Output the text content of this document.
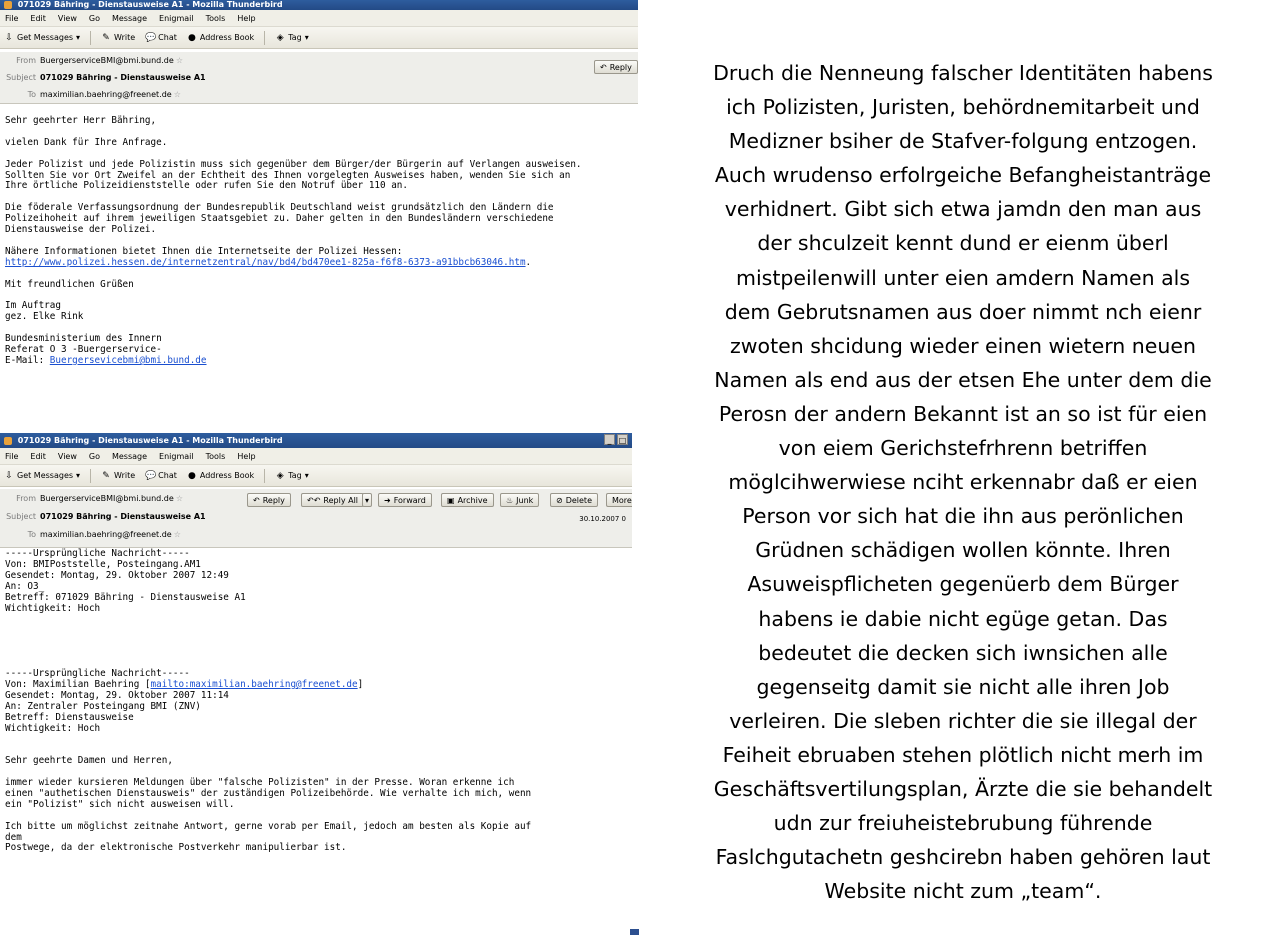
071029 Bähring - Dienstausweise A1 - Mozilla Thunderbird
File Edit View Go Message Enigmail Tools Help
⇩ Get Messages ▾ ✎ Write 💬 Chat ● Address Book	◈ Tag ▾
From BuergerserviceBMI@bmi.bund.de ☆
Subject 071029 Bähring - Dienstausweise A1
To maximilian.baehring@freenet.de ☆
↶ Reply
Sehr geehrter Herr Bähring,

vielen Dank für Ihre Anfrage.

Jeder Polizist und jede Polizistin muss sich gegenüber dem Bürger/der Bürgerin auf Verlangen ausweisen.
Sollten Sie vor Ort Zweifel an der Echtheit des Ihnen vorgelegten Ausweises haben, wenden Sie sich an
Ihre örtliche Polizeidienststelle oder rufen Sie den Notruf über 110 an.

Die föderale Verfassungsordnung der Bundesrepublik Deutschland weist grundsätzlich den Ländern die
Polizeihoheit auf ihrem jeweiligen Staatsgebiet zu. Daher gelten in den Bundesländern verschiedene
Dienstausweise der Polizei.

Nähere Informationen bietet Ihnen die Internetseite der Polizei Hessen:
http://www.polizei.hessen.de/internetzentral/nav/bd4/bd470ee1-825a-f6f8-6373-a91bbcb63046.htm.

Mit freundlichen Grüßen

Im Auftrag
gez. Elke Rink

Bundesministerium des Innern
Referat O 3 -Buergerservice-
E-Mail: Buergersevicebmi@bmi.bund.de
071029 Bähring - Dienstausweise A1 - Mozilla Thunderbird	_ □
File Edit View Go Message Enigmail Tools Help
⇩ Get Messages ▾ ✎ Write 💬 Chat ● Address Book	◈ Tag ▾
From BuergerserviceBMI@bmi.bund.de ☆
Subject 071029 Bähring - Dienstausweise A1
To maximilian.baehring@freenet.de ☆
↶ Reply	↶↶ Reply All ▾ ➜ Forward	▣ Archive ♨ Junk	⊘ Delete	More
30.10.2007 0
-----Ursprüngliche Nachricht-----
Von: BMIPoststelle, Posteingang.AM1
Gesendet: Montag, 29. Oktober 2007 12:49
An: O3_
Betreff: 071029 Bähring - Dienstausweise A1
Wichtigkeit: Hoch

-----Ursprüngliche Nachricht-----
Von: Maximilian Baehring [mailto:maximilian.baehring@freenet.de]
Gesendet: Montag, 29. Oktober 2007 11:14
An: Zentraler Posteingang BMI (ZNV)
Betreff: Dienstausweise
Wichtigkeit: Hoch

Sehr geehrte Damen und Herren,

immer wieder kursieren Meldungen über "falsche Polizisten" in der Presse. Woran erkenne ich
einen "authetischen Dienstausweis" der zuständigen Polizeibehörde. Wie verhalte ich mich, wenn
ein "Polizist" sich nicht ausweisen will.

Ich bitte um möglichst zeitnahe Antwort, gerne vorab per Email, jedoch am besten als Kopie auf
dem
Postwege, da der elektronische Postverkehr manipulierbar ist.
Druch die Nenneung falscher Identitäten habens
ich Polizisten, Juristen, behördnemitarbeit und
Medizner bsiher de Stafver-folgung entzogen.
Auch wrudenso erfolrgeiche Befangheistanträge
verhidnert. Gibt sich etwa jamdn den man aus
der shculzeit kennt dund er eienm überl
mistpeilenwill unter eien amdern Namen als
dem Gebrutsnamen aus doer nimmt nch eienr
zwoten shcidung wieder einen wietern neuen
Namen als end aus der etsen Ehe unter dem die
Perosn der andern Bekannt ist an so ist für eien
von eiem Gerichstefrhrenn betriffen
möglcihwerwiese nciht erkennabr daß er eien
Person vor sich hat die ihn aus perönlichen
Grüdnen schädigen wollen könnte. Ihren
Asuweispflicheten gegenüerb dem Bürger
habens ie dabie nicht egüge getan. Das
bedeutet die decken sich iwnsichen alle
gegenseitg damit sie nicht alle ihren Job
verleiren. Die sleben richter die sie illegal der
Feiheit ebruaben stehen plötlich nicht merh im
Geschäftsvertilungsplan, Ärzte die sie behandelt
udn zur freiuheistebrubung führende
Faslchgutachetn geshcirebn haben gehören laut
Website nicht zum „team“.
